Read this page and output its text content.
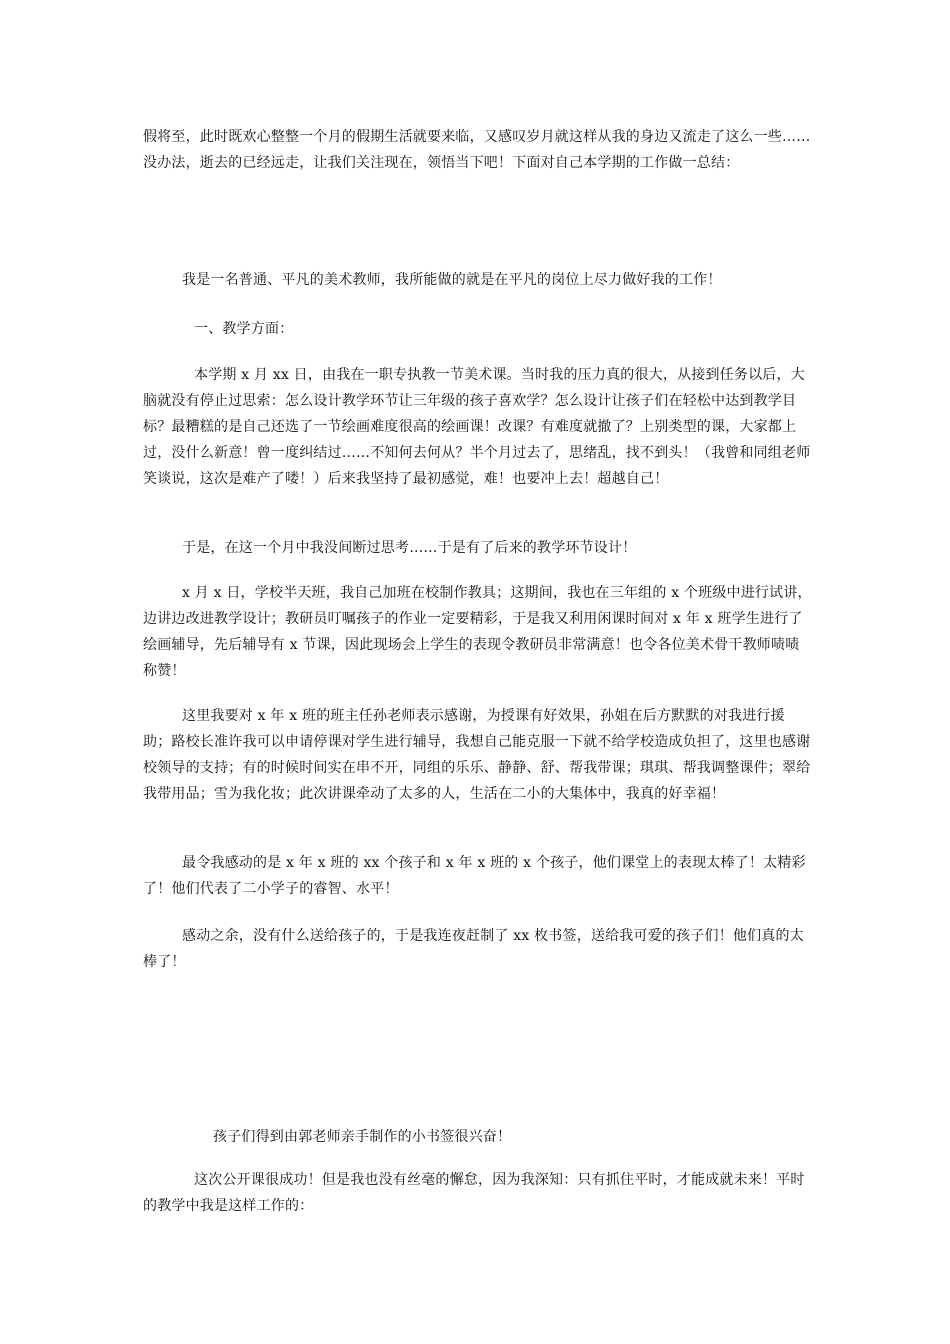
假将至，此时既欢心整整一个月的假期生活就要来临，又感叹岁月就这样从我的身边又流走了这么一些……没办法，逝去的已经远走，让我们关注现在，领悟当下吧！下面对自己本学期的工作做一总结：

我是一名普通、平凡的美术教师，我所能做的就是在平凡的岗位上尽力做好我的工作！

一、教学方面：

本学期 x 月 xx 日，由我在一职专执教一节美术课。当时我的压力真的很大，从接到任务以后，大脑就没有停止过思索：怎么设计教学环节让三年级的孩子喜欢学？怎么设计让孩子们在轻松中达到教学目标？最糟糕的是自己还选了一节绘画难度很高的绘画课！改课？有难度就撤了？上别类型的课，大家都上过，没什么新意！曾一度纠结过……不知何去何从？半个月过去了，思绪乱，找不到头！（我曾和同组老师笑谈说，这次是难产了喽！）后来我坚持了最初感觉，难！也要冲上去！超越自己！

于是，在这一个月中我没间断过思考……于是有了后来的教学环节设计！

x 月 x 日，学校半天班，我自己加班在校制作教具；这期间，我也在三年组的 x 个班级中进行试讲，边讲边改进教学设计；教研员叮嘱孩子的作业一定要精彩，于是我又利用闲课时间对 x 年 x 班学生进行了绘画辅导，先后辅导有 x 节课，因此现场会上学生的表现令教研员非常满意！也令各位美术骨干教师啧啧称赞！

这里我要对 x 年 x 班的班主任孙老师表示感谢，为授课有好效果，孙姐在后方默默的对我进行援助；路校长准许我可以申请停课对学生进行辅导，我想自己能克服一下就不给学校造成负担了，这里也感谢校领导的支持；有的时候时间实在串不开，同组的乐乐、静静、舒、帮我带课；琪琪、帮我调整课件；翠给我带用品；雪为我化妆；此次讲课牵动了太多的人，生活在二小的大集体中，我真的好幸福！

最令我感动的是 x 年 x 班的 xx 个孩子和 x 年 x 班的 x 个孩子，他们课堂上的表现太棒了！太精彩了！他们代表了二小学子的睿智、水平！

感动之余，没有什么送给孩子的，于是我连夜赶制了 xx 枚书签，送给我可爱的孩子们！他们真的太棒了！

孩子们得到由郭老师亲手制作的小书签很兴奋！

这次公开课很成功！但是我也没有丝毫的懈怠，因为我深知：只有抓住平时，才能成就未来！平时的教学中我是这样工作的：
